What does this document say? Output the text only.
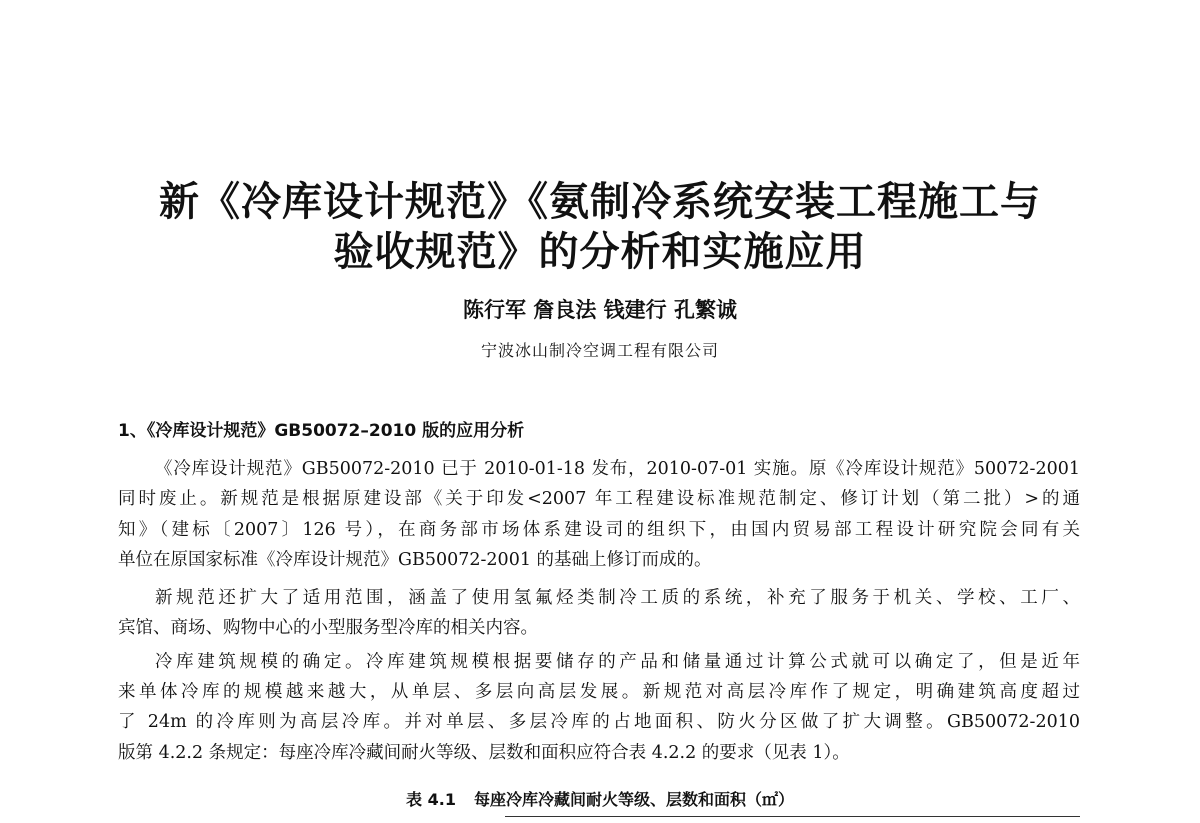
新《冷库设计规范》《氨制冷系统安装工程施工与
验收规范》的分析和实施应用
陈行军 詹良法 钱建行 孔繁诚
宁波冰山制冷空调工程有限公司
1、《冷库设计规范》GB50072–2010 版的应用分析
《冷库设计规范》GB50072-2010 已于 2010-01-18 发布，2010-07-01 实施。原《冷库设计规范》50072-2001
同时废止。新规范是根据原建设部《关于印发<2007 年工程建设标准规范制定、修订计划（第二批）>的通
知》（建标〔2007〕126 号），在商务部市场体系建设司的组织下，由国内贸易部工程设计研究院会同有关
单位在原国家标准《冷库设计规范》GB50072-2001 的基础上修订而成的。
新规范还扩大了适用范围，涵盖了使用氢氟烃类制冷工质的系统，补充了服务于机关、学校、工厂、
宾馆、商场、购物中心的小型服务型冷库的相关内容。
冷库建筑规模的确定。冷库建筑规模根据要储存的产品和储量通过计算公式就可以确定了，但是近年
来单体冷库的规模越来越大，从单层、多层向高层发展。新规范对高层冷库作了规定，明确建筑高度超过
了 24m 的冷库则为高层冷库。并对单层、多层冷库的占地面积、防火分区做了扩大调整。GB50072-2010
版第 4.2.2 条规定：每座冷库冷藏间耐火等级、层数和面积应符合表 4.2.2 的要求（见表 1）。
表 4.1 每座冷库冷藏间耐火等级、层数和面积（㎡）
